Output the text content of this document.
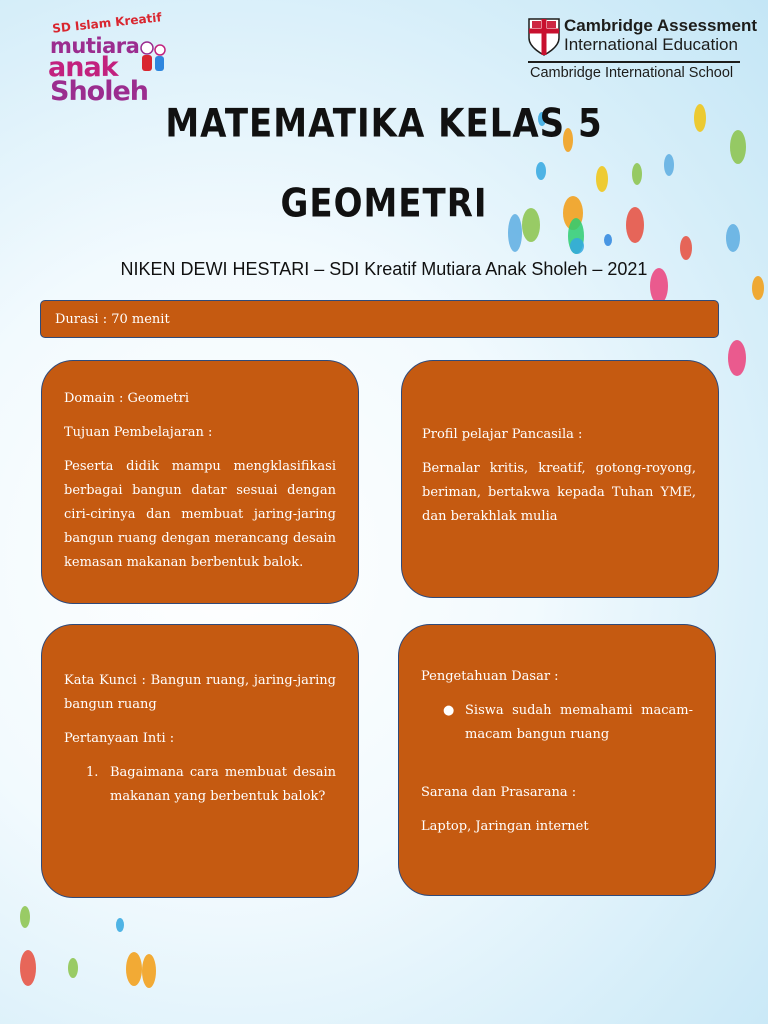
SD Islam Kreatif
mutiara
anak
Sholeh
Cambridge Assessment
International Education
Cambridge International School
MATEMATIKA KELAS 5
GEOMETRI
NIKEN DEWI HESTARI – SDI Kreatif Mutiara Anak Sholeh – 2021
Durasi : 70 menit

Domain : Geometri

Tujuan Pembelajaran :

Peserta didik mampu mengklasifikasi berbagai bangun datar sesuai dengan ciri-cirinya dan membuat jaring-jaring bangun ruang dengan merancang desain kemasan makanan berbentuk balok.

Profil pelajar Pancasila :

Bernalar kritis, kreatif, gotong-royong, beriman, bertakwa kepada Tuhan YME, dan berakhlak mulia

Kata Kunci : Bangun ruang, jaring-jaring bangun ruang

Pertanyaan Inti :

1. Bagaimana cara membuat desain makanan yang berbentuk balok?

Pengetahuan Dasar :

● Siswa sudah memahami macam-macam bangun ruang

Sarana dan Prasarana :

Laptop, Jaringan internet
